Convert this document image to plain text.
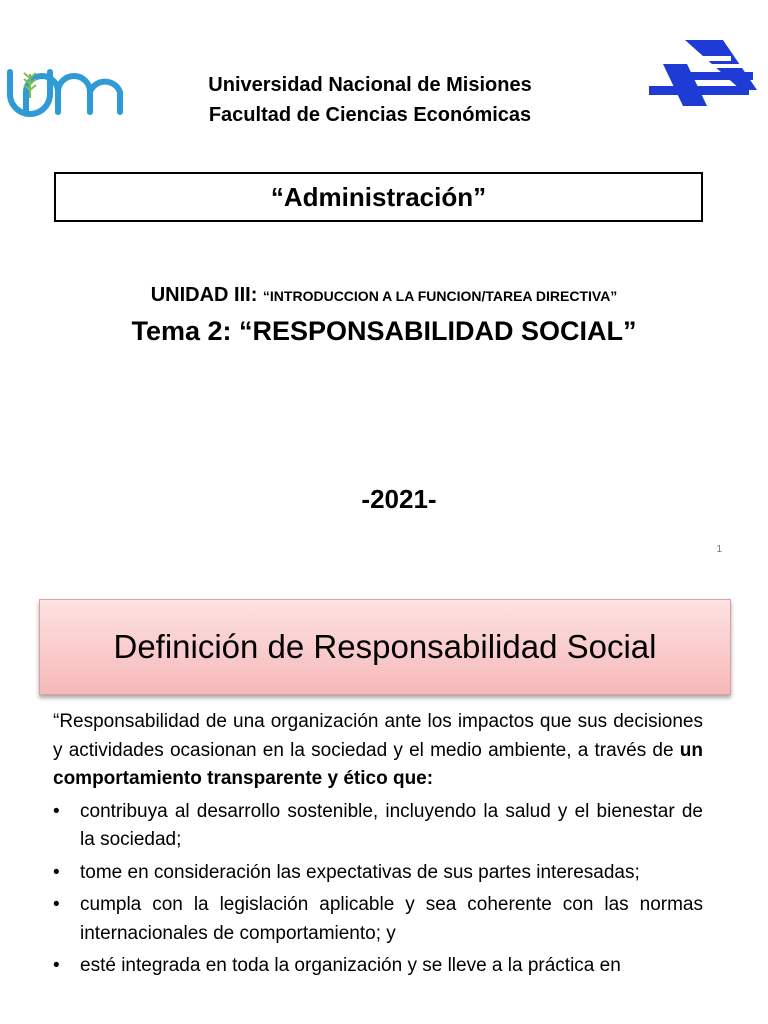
Universidad Nacional de Misiones
Facultad de Ciencias Económicas
“Administración”
UNIDAD III: “INTRODUCCION A LA FUNCION/TAREA DIRECTIVA”
Tema 2: “RESPONSABILIDAD SOCIAL”
-2021-
1
Definición de Responsabilidad Social

“Responsabilidad de una organización ante los impactos que sus decisiones y actividades ocasionan en la sociedad y el medio ambiente, a través de un comportamiento transparente y ético que:

• contribuya al desarrollo sostenible, incluyendo la salud y el bienestar de la sociedad;
• tome en consideración las expectativas de sus partes interesadas;
• cumpla con la legislación aplicable y sea coherente con las normas internacionales de comportamiento; y
• esté integrada en toda la organización y se lleve a la práctica en
